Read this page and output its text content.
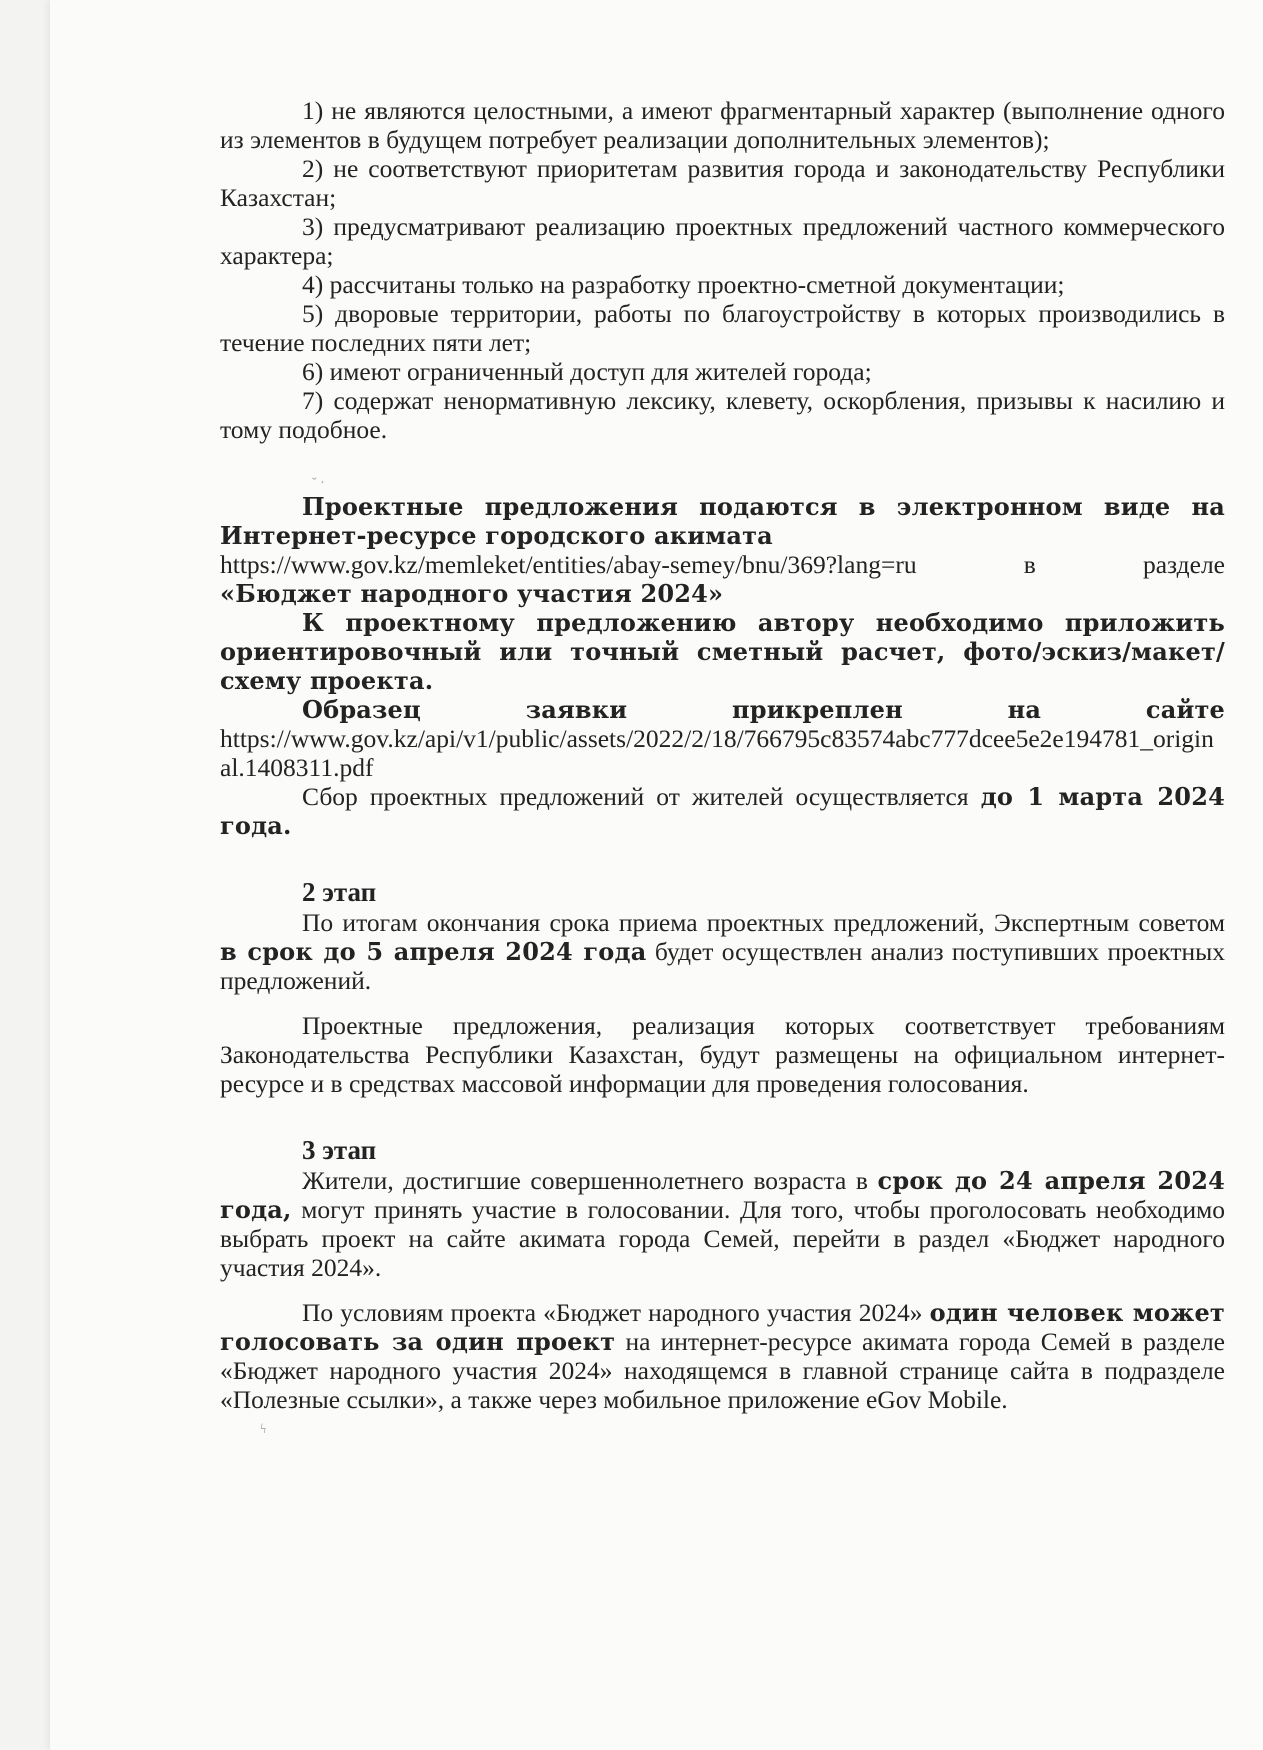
˘ ·
ϟ

1) не являются целостными, а имеют фрагментарный характер (выполнение одного из элементов в будущем потребует реализации дополнительных элементов);

2) не соответствуют приоритетам развития города и законодательству Республики Казахстан;

3) предусматривают реализацию проектных предложений частного коммерческого характера;

4) рассчитаны только на разработку проектно-сметной документации;

5) дворовые территории, работы по благоустройству в которых производились в течение последних пяти лет;

6) имеют ограниченный доступ для жителей города;

7) содержат ненормативную лексику, клевету, оскорбления, призывы к насилию и тому подобное.

Проектные предложения подаются в электронном виде на Интернет-ресурсе городского акимата

https://www.gov.kz/memleket/entities/abay-semey/bnu/369?lang=ru	в разделе

«Бюджет народного участия 2024»

К проектному предложению автору необходимо приложить ориентировочный или точный сметный расчет, фото/эскиз/макет/схему проекта.

Образец заявки прикреплен на сайте

https://www.gov.kz/api/v1/public/assets/2022/2/18/766795c83574abc777dcee5e2e194781_original.1408311.pdf

Сбор проектных предложений от жителей осуществляется до 1 марта 2024 года.

2 этап

По итогам окончания срока приема проектных предложений, Экспертным советом в срок до 5 апреля 2024 года будет осуществлен анализ поступивших проектных предложений.

Проектные предложения, реализация которых соответствует требованиям Законодательства Республики Казахстан, будут размещены на официальном интернет-ресурсе и в средствах массовой информации для проведения голосования.

3 этап

Жители, достигшие совершеннолетнего возраста в срок до 24 апреля 2024 года, могут принять участие в голосовании. Для того, чтобы проголосовать необходимо выбрать проект на сайте акимата города Семей, перейти в раздел «Бюджет народного участия 2024».

По условиям проекта «Бюджет народного участия 2024» один человек может голосовать за один проект на интернет-ресурсе акимата города Семей в разделе «Бюджет народного участия 2024» находящемся в главной странице сайта в подразделе «Полезные ссылки», а также через мобильное приложение eGov Mobile.
